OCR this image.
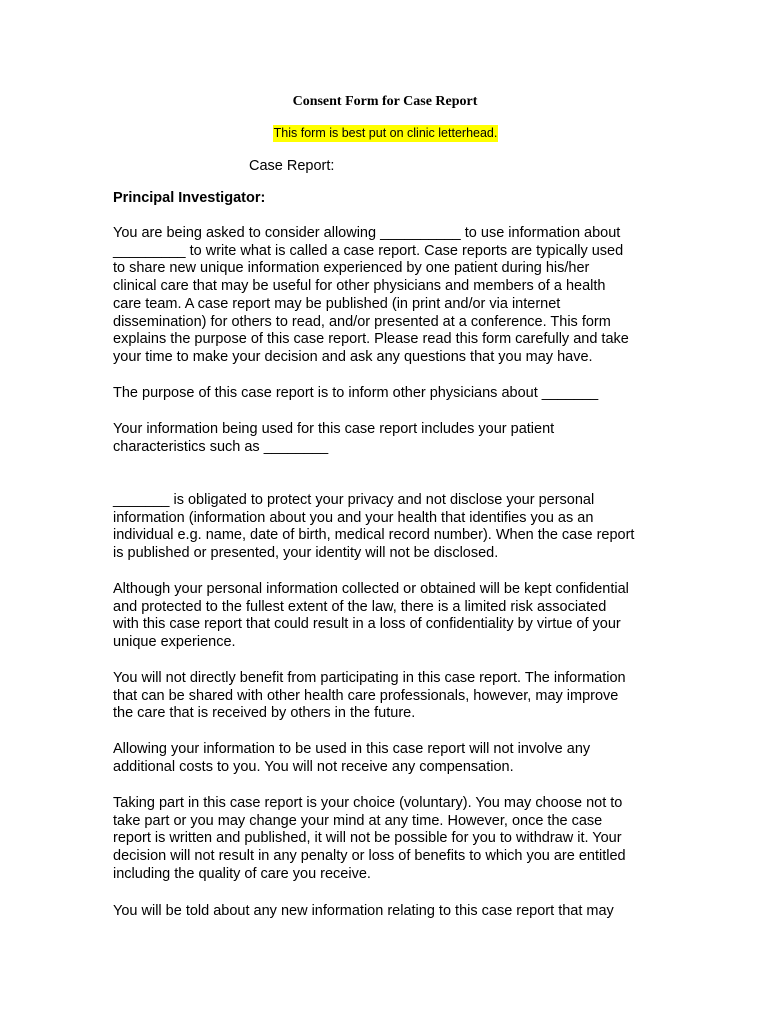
Consent Form for Case Report
This form is best put on clinic letterhead.
Case Report:
Principal Investigator:

You are being asked to consider allowing __________ to use information about
_________ to write what is called a case report. Case reports are typically used
to share new unique information experienced by one patient during his/her
clinical care that may be useful for other physicians and members of a health
care team. A case report may be published (in print and/or via internet
dissemination) for others to read, and/or presented at a conference. This form
explains the purpose of this case report. Please read this form carefully and take
your time to make your decision and ask any questions that you may have.

The purpose of this case report is to inform other physicians about _______

Your information being used for this case report includes your patient
characteristics such as ________

_______ is obligated to protect your privacy and not disclose your personal
information (information about you and your health that identifies you as an
individual e.g. name, date of birth, medical record number). When the case report
is published or presented, your identity will not be disclosed.

Although your personal information collected or obtained will be kept confidential
and protected to the fullest extent of the law, there is a limited risk associated
with this case report that could result in a loss of confidentiality by virtue of your
unique experience.

You will not directly benefit from participating in this case report. The information
that can be shared with other health care professionals, however, may improve
the care that is received by others in the future.

Allowing your information to be used in this case report will not involve any
additional costs to you. You will not receive any compensation.

Taking part in this case report is your choice (voluntary). You may choose not to
take part or you may change your mind at any time. However, once the case
report is written and published, it will not be possible for you to withdraw it. Your
decision will not result in any penalty or loss of benefits to which you are entitled
including the quality of care you receive.

You will be told about any new information relating to this case report that may
